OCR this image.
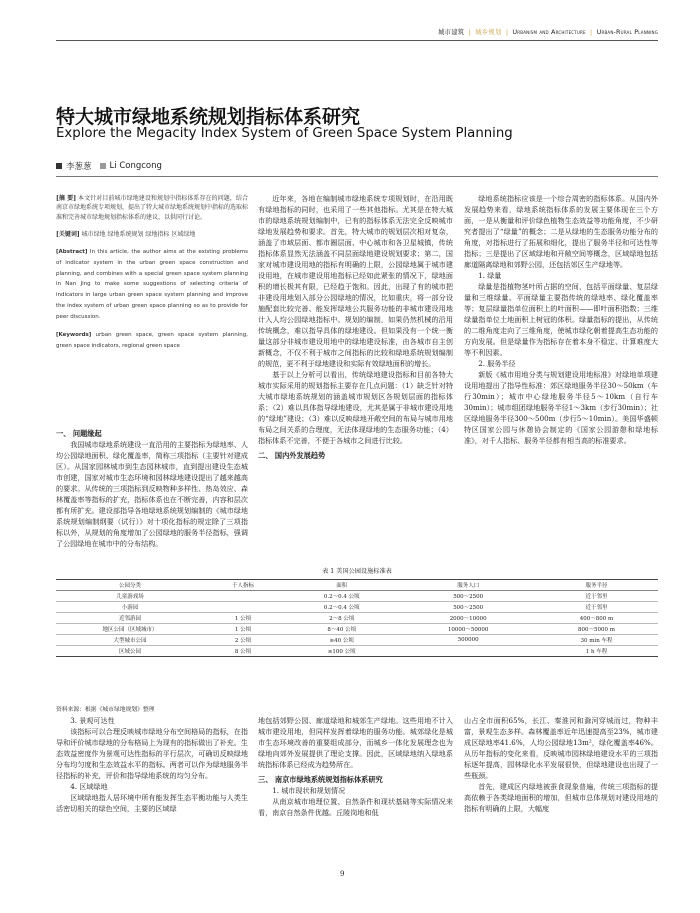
城市建筑 | 城乡规划 | Urbanism and Architecture | Urban-Rural Planning
特大城市绿地系统规划指标体系研究
Explore the Megacity Index System of Green Space System Planning
李葱葱 Li Congcong

[摘 要] 本文针对目前城市绿地建设和规划中指标体系存在的问题，结合南京市绿地系统专项规划，提出了特大城市绿地系统规划中指标的选取标准和完善城市绿地规划指标体系的建议，以供同行讨论。

[关键词] 城市绿地 绿地系统规划 绿地指标 区域绿地

[Abstract] In this article, the author aims at the existing problems of indicator system in the urban green space construction and planning, and combines with a special green space system planning in Nan Jing to make some suggestions of selecting criteria of indicators in large urban green space system planning and improve the index system of urban green space planning so as to provide for peer discussion.

[Keywords] urban green space, green space system planning, green space indicators, regional green space

一、 问题缘起

我国城市绿地系统建设一直沿用的主要指标为绿地率、人均公园绿地面积、绿化覆盖率，简称三项指标（主要针对建成区）。从国家园林城市到生态园林城市，直到提出建设生态城市创建，国家对城市生态环境和园林绿地建设提出了越来越高的要求。从传统的三项指标到反映物种多样性、热岛效应、森林覆盖率等指标的扩充，指标体系也在不断完善，内容和层次都有所扩充。建设部指导各地绿地系统规划编制的《城市绿地系统规划编制纲要（试行）》对十项化指标的规定除了三项指标以外，从规划的角度增加了公园绿地的服务半径指标，强调了公园绿地在城市中的分布结构。

近年来，各地在编制城市绿地系统专项规划时，在沿用既有绿地指标的同时，也采用了一些其他指标。尤其是在特大城市的绿地系统规划编制中，已有的指标体系无法完全反映城市绿地发展趋势和要求。首先，特大城市的规划层次相对复杂，涵盖了市域层面、都市圈层面、中心城市和各卫星城镇，传统指标体系显然无法涵盖不同层面绿地建设规划要求；第二，国家对城市建设用地的指标有明确的上限，公园绿地属于城市建设用地，在城市建设用地指标已经如此紧张的情况下，绿地面积的增长极其有限，已经趋于饱和。因此，出现了有的城市把非建设用地划入部分公园绿地的情况，比如重庆，将一部分设施配套比较完善、能发挥绿地公共服务功能的非城市建设用地计入人均公园绿地指标中。规划的编制，如果仍然机械的沿用传统概念，难以指导具体的绿地建设。但如果没有一个统一衡量这部分非城市建设用地中的绿地建设标准，由各城市自主创新概念，不仅不利于城市之间指标的比较和绿地系统规划编制的规范，更不利于绿地建设和实际有效绿地面积的增长。

基于以上分析可以看出，传统绿地建设指标和目前各特大城市实际采用的规划指标主要存在几点问题：（1）缺乏针对特大城市绿地系统规划的涵盖城市规划区各规划层面的指标体系；（2）难以具体指导绿地建设，尤其是属于非城市建设用地的“绿地”建设；（3）难以反映绿地开敞空间的布局与城市用地布局之间关系的合理度，无法体现绿地的生态服务功能；（4）指标体系不完善，不便于各城市之间进行比较。

二、 国内外发展趋势

绿地系统指标应该是一个综合周密的指标体系。从国内外发展趋势来看，绿地系统指标体系的发展主要体现在三个方面，一是从衡量和评价绿色植物生态效益等功能角度，不少研究者提出了“绿量”的概念；二是从绿地的生态服务功能分布的角度，对指标进行了拓展和细化，提出了服务半径和可达性等指标；三是提出了区域绿地和开敞空间等概念，区域绿地包括廊道隔离绿地和郊野公园，还包括郊区生产绿地等。

1. 绿量

绿量是指植物茎叶所占据的空间，包括平面绿量、复层绿量和三维绿量。平面绿量主要指传统的绿地率、绿化覆盖率等；复层绿量指单位面积上的叶面积——即叶面积指数；三维绿量指单位土地面积上树冠的体积。绿量指标的提出，从传统的二维角度走向了三维角度，使城市绿化朝着提高生态功能的方向发展。但是绿量作为指标存在着本身不稳定、计算难度大等不利因素。

2. 服务半径

新版《城市用地分类与规划建设用地标准》对绿地单项建设用地提出了指导性标准：郊区绿地服务半径30～50km（车行30min）；城市中心绿地服务半径5～10km（自行车30min）；城市组团绿地服务半径1～3km（步行30min）；社区绿地服务半径300～500m（步行5～10min）。美国华盛顿特区国家公园与休憩协会制定的《国家公园游憩和绿地标准》，对千人指标、服务半径都有相当高的标准要求。

表 1 美国公园设施标准表
公园分类	千人指标	面积	服务人口	服务半径
儿童游戏场		0.2～0.4 公顷	500～2500	近于邻里
小游园		0.2～0.4 公顷	500～2500	近于邻里
近邻游园	1 公顷	2～8 公顷	2000～10000	400～800 m
地区公园（区域城市）	1 公顷	8～40 公顷	10000～50000	800～5000 m
大型城市公园	2 公顷	≥40 公顷	500000	30 min 车程
区域公园	8 公顷	≥100 公顷		1 h 车程
资料来源：根据《城市绿地规划》整理

3. 景观可达性

该指标可以合理反映城市绿地分布空间格局的指标，在指导和评价城市绿地的分布格局上为现有的指标做出了补充。生态效益密度作为景观可达性指标的平行层次，可确切反映绿地分布均匀度和生态效益水平的指标。两者可以作为绿地服务半径指标的补充，评价和指导绿地系统的均匀分布。

4. 区域绿地

区域绿地指人居环境中所有能发挥生态平衡功能与人类生活密切相关的绿色空间，主要的区域绿

地包括郊野公园、廊道绿地和城郊生产绿地。这些用地不计入城市建设用地，但同样发挥着绿地的服务功能。城郊绿化是城市生态环境改善的重要组成部分，而城乡一体化发展理念也为绿地向郊外发展提供了理论支撑。因此，区域绿地纳入绿地系统指标体系已经成为趋势所在。

三、 南京市绿地系统规划指标体系研究

1. 城市现状和规划情况

从南京城市地理位置、自然条件和现状基础等实际情况来看，南京自然条件优越。丘陵岗地和低

山占全市面积65%，长江、秦淮河和滁河穿城而过，物种丰富，景观生态多样。森林覆盖率近年迅速提高至23%，城市建成区绿地率41.6%，人均公园绿地13m²，绿化覆盖率46%。从历年指标的变化来看，反映城市园林绿地建设水平的三项指标逐年提高，园林绿化水平发展很快，但绿地建设也出现了一些瓶颈。

首先，建成区内绿地被蚕食现象普遍，传统三项指标的提高依赖于各类绿地面积的增加，但城市总体规划对建设用地的指标有明确的上限，大幅度

9
